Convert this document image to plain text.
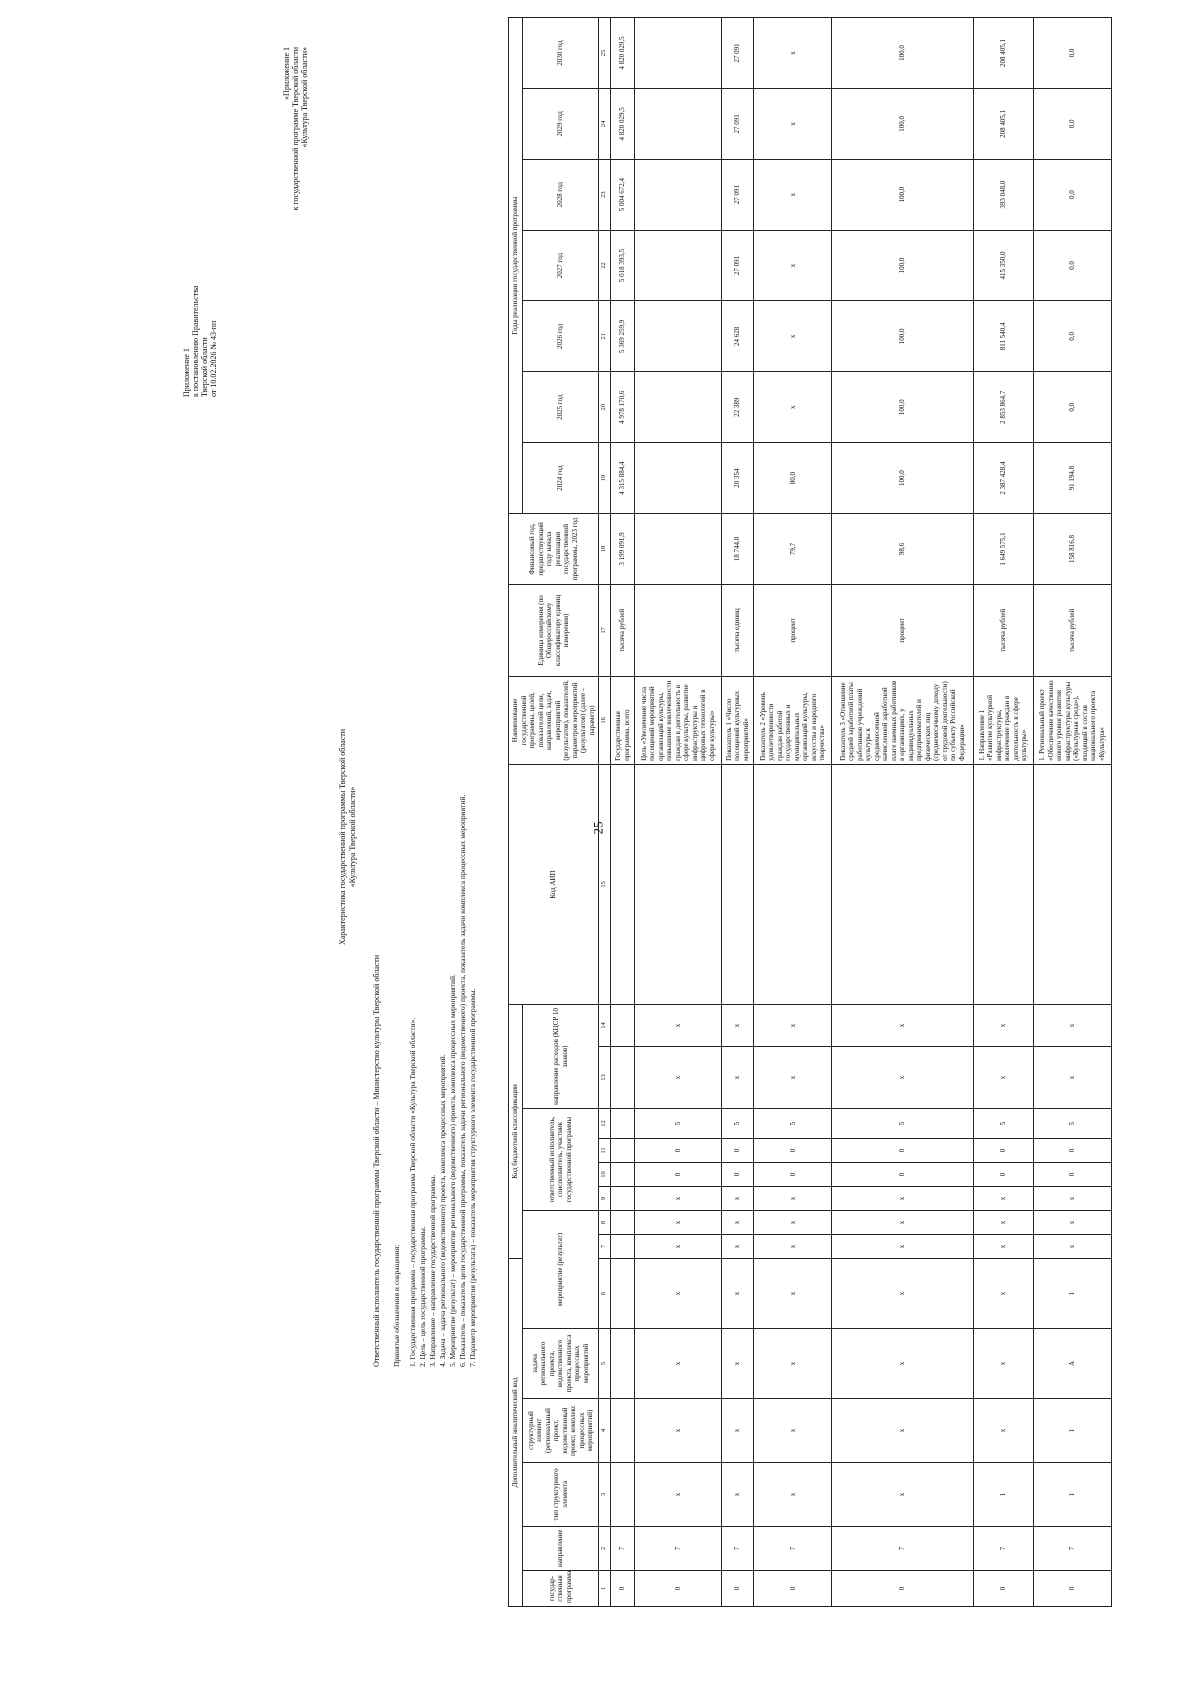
25
Приложение 1 к постановлению Правительства Тверской области от 10.02.2026 № 43-пп
«Приложение 1 к государственной программе Тверской области «Культура Тверской области»
Характеристика государственной программы Тверской области «Культура Тверской области»
Ответственный исполнитель государственной программы Тверской области – Министерство культуры Тверской области Принятые обозначения и сокращения: 1. Государственная программа – государственная программа Тверской области «Культура Тверской области». 2. Цель – цель государственной программы. 3. Направление – направление государственной программы. 4. Задача – задача регионального (ведомственного) проекта, комплекса процессных мероприятий. 5. Мероприятие (результат) – мероприятие регионального (ведомственного) проекта, комплекса процессных мероприятий. 6. Показатель – показатель цели государственной программы, показатель задачи регионального (ведомственного) проекта, показатель задачи комплекса процессных мероприятий. 7. Параметр мероприятия (результата) – показатель мероприятия структурного элемента государственной программы.
Дополнительный аналитический код						Код бюджетной классификации								Код АИП	Наименование государственной программы, целей, показателей цели, направлений, задач, мероприятий (результатов), показателей, параметров мероприятий (результатов) (далее – параметр)	Единица измерения (по Общероссийскому классификатору единиц измерения)	Финансовый год, предшествующий году начала реализации государственной программы, 2023 год	Годы реализации государственной программы						
государ-ственная программа	направление	тип структурного элемента	структурный элемент (региональный проект, ведомственный проект, комплекс процессных мероприятий)	задача регионального проекта, ведомственного проекта, комплекса процессных мероприятий	мероприятие (результат)			ответственный исполнитель, соисполнитель, участник государственной программы				направление расходов (КЦСР 10 знаков)						2024 год	2025 год	2026 год	2027 год	2028 год	2029 год	2030 год
1	2	3	4	5	6	7	8	9	10	11	12	13	14	15	16	17	18	19	20	21	22	23	24	25
0	7														Государственная программа, всего	тысяча рублей	3 199 091,9	4 315 884,4	4 978 170,6	5 369 259,9	5 018 393,5	5 004 672,4	4 820 029,5	4 820 029,5
0	7	х	х	х	х	х	х	х	0	0	5	х	х		Цель «Увеличение числа посещений мероприятий организаций культуры, повышение вовлеченности граждан в деятельность в сфере культуры, развитие инфраструктуры и цифровых технологий в сфере культуры»									
0	7	х	х	х	х	х	х	х	0	0	5	х	х		Показатель 1 «Число посещений культурных мероприятий»	тысяча единиц	18 744,0	20 354	22 389	24 628	27 091	27 091	27 091	27 091
0	7	х	х	х	х	х	х	х	0	0	5	х	х		Показатель 2 «Уровень удовлетворенности граждан работой государственных и муниципальных организаций культуры, искусства и народного творчества»	процент	79,7	80,0	х	х	х	х	х	х
0	7	х	х	х	х	х	х	х	0	0	5	х	х		Показатель 3 «Отношение средней заработной платы работников учреждений культуры к среднемесячной начисленной заработной плате наемных работников в организациях, у индивидуальных предпринимателей и физических лиц (среднемесячному доходу от трудовой деятельности) по субъекту Российской Федерации»	процент	98,6	100,0	100,0	100,0	100,0	100,0	100,0	100,0
0	7	1	х	х	х	х	х	х	0	0	5	х	х		1. Направление 1 «Развитие культурной инфраструктуры, вовлечение граждан в деятельность в сфере культуры»	тысяча рублей	1 649 575,1	2 387 428,4	2 853 864,7	811 540,4	415 350,0	393 048,0	208 405,1	208 405,1
0	7	1	1	А	1	х	х	х	0	0	5	х	х		1. Региональный проект «Обеспечение качественно нового уровня развития инфраструктуры культуры («Культурная среда»), входящий в состав национального проекта «Культура»	тысяча рублей	158 816,8	91 194,8	0,0	0,0	0,0	0,0	0,0	0,0
